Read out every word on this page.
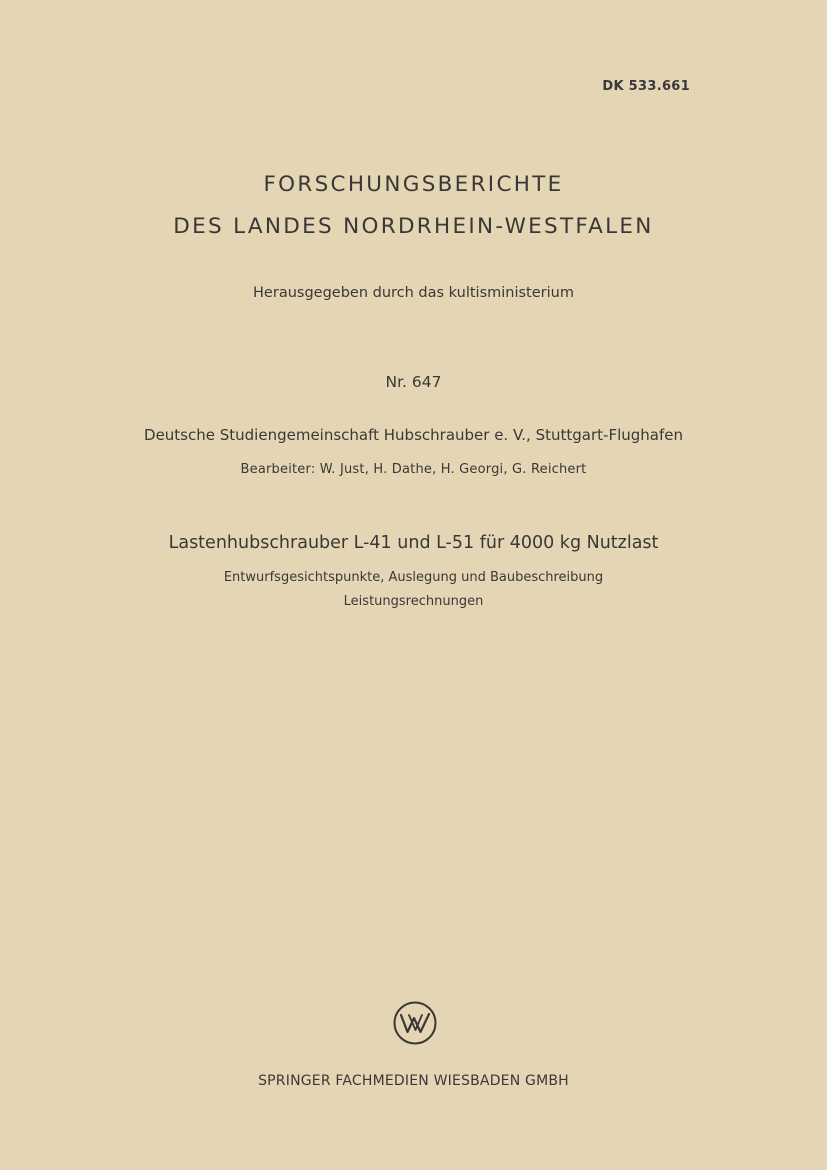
DK 533.661
FORSCHUNGSBERICHTE
DES LANDES NORDRHEIN-WESTFALEN
Herausgegeben durch das kultisministerium
Nr. 647
Deutsche Studiengemeinschaft Hubschrauber e. V., Stuttgart-Flughafen
Bearbeiter: W. Just, H. Dathe, H. Georgi, G. Reichert
Lastenhubschrauber L-41 und L-51 für 4000 kg Nutzlast
Entwurfsgesichtspunkte, Auslegung und Baubeschreibung
Leistungsrechnungen
SPRINGER FACHMEDIEN WIESBADEN GMBH
